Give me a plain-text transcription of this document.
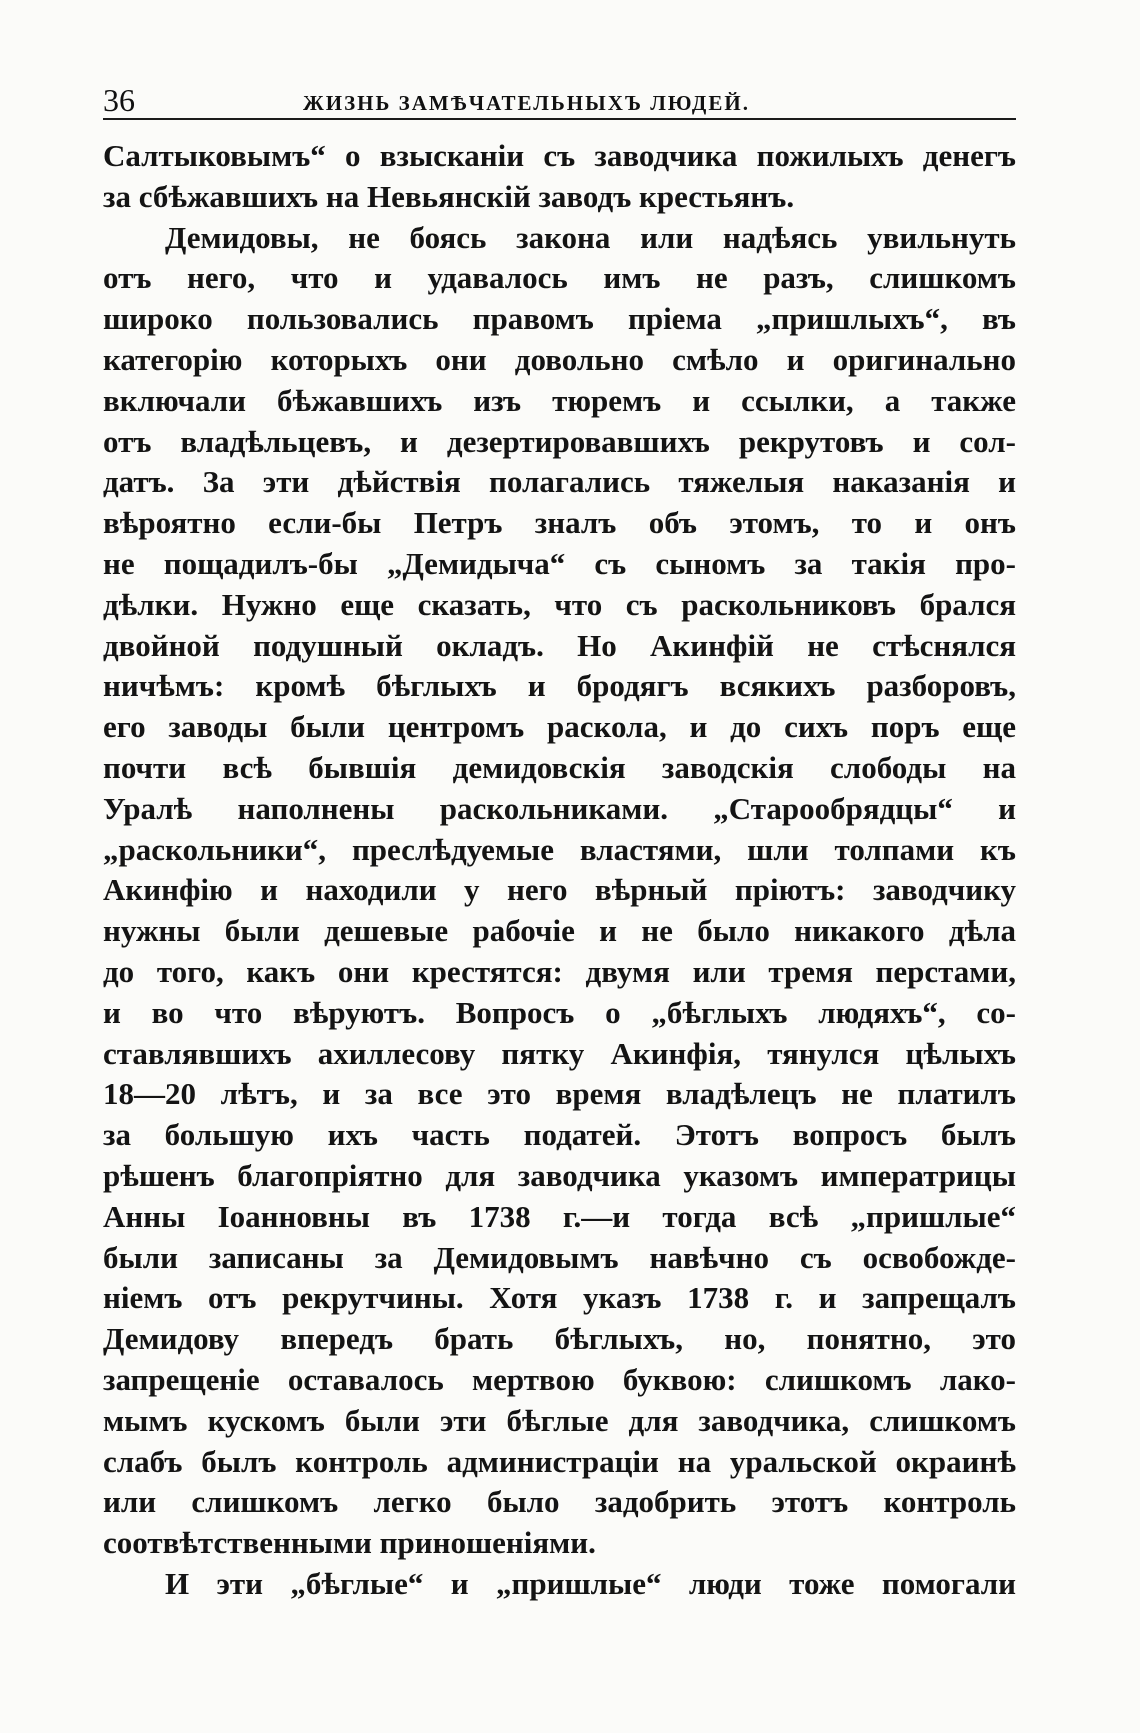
36	ЖИЗНЬ ЗАМѢЧАТЕЛЬНЫХЪ ЛЮДЕЙ.
Салтыковымъ“ о взысканіи съ заводчика пожилыхъ денегъ
за сбѣжавшихъ на Невьянскій заводъ крестьянъ.
Демидовы, не боясь закона или надѣясь увильнуть
отъ него, что и удавалось имъ не разъ, слишкомъ
широко пользовались правомъ пріема „пришлыхъ“, въ
категорію которыхъ они довольно смѣло и оригинально
включали бѣжавшихъ изъ тюремъ и ссылки, а также
отъ владѣльцевъ, и дезертировавшихъ рекрутовъ и сол-
датъ. За эти дѣйствія полагались тяжелыя наказанія и
вѣроятно если-бы Петръ зналъ объ этомъ, то и онъ
не пощадилъ-бы „Демидыча“ съ сыномъ за такія про-
дѣлки. Нужно еще сказать, что съ раскольниковъ брался
двойной подушный окладъ. Но Акинфій не стѣснялся
ничѣмъ: кромѣ бѣглыхъ и бродягъ всякихъ разборовъ,
его заводы были центромъ раскола, и до сихъ поръ еще
почти всѣ бывшія демидовскія заводскія слободы на
Уралѣ наполнены раскольниками. „Старообрядцы“ и
„раскольники“, преслѣдуемые властями, шли толпами къ
Акинфію и находили у него вѣрный пріютъ: заводчику
нужны были дешевые рабочіе и не было никакого дѣла
до того, какъ они крестятся: двумя или тремя перстами,
и во что вѣруютъ. Вопросъ о „бѣглыхъ людяхъ“, со-
ставлявшихъ ахиллесову пятку Акинфія, тянулся цѣлыхъ
18—20 лѣтъ, и за все это время владѣлецъ не платилъ
за большую ихъ часть податей. Этотъ вопросъ былъ
рѣшенъ благопріятно для заводчика указомъ императрицы
Анны Іоанновны въ 1738 г.—и тогда всѣ „пришлые“
были записаны за Демидовымъ навѣчно съ освобожде-
ніемъ отъ рекрутчины. Хотя указъ 1738 г. и запрещалъ
Демидову впередъ брать бѣглыхъ, но, понятно, это
запрещеніе оставалось мертвою буквою: слишкомъ лако-
мымъ кускомъ были эти бѣглые для заводчика, слишкомъ
слабъ былъ контроль администраціи на уральской окраинѣ
или слишкомъ легко было задобрить этотъ контроль
соотвѣтственными приношеніями.
И эти „бѣглые“ и „пришлые“ люди тоже помогали
